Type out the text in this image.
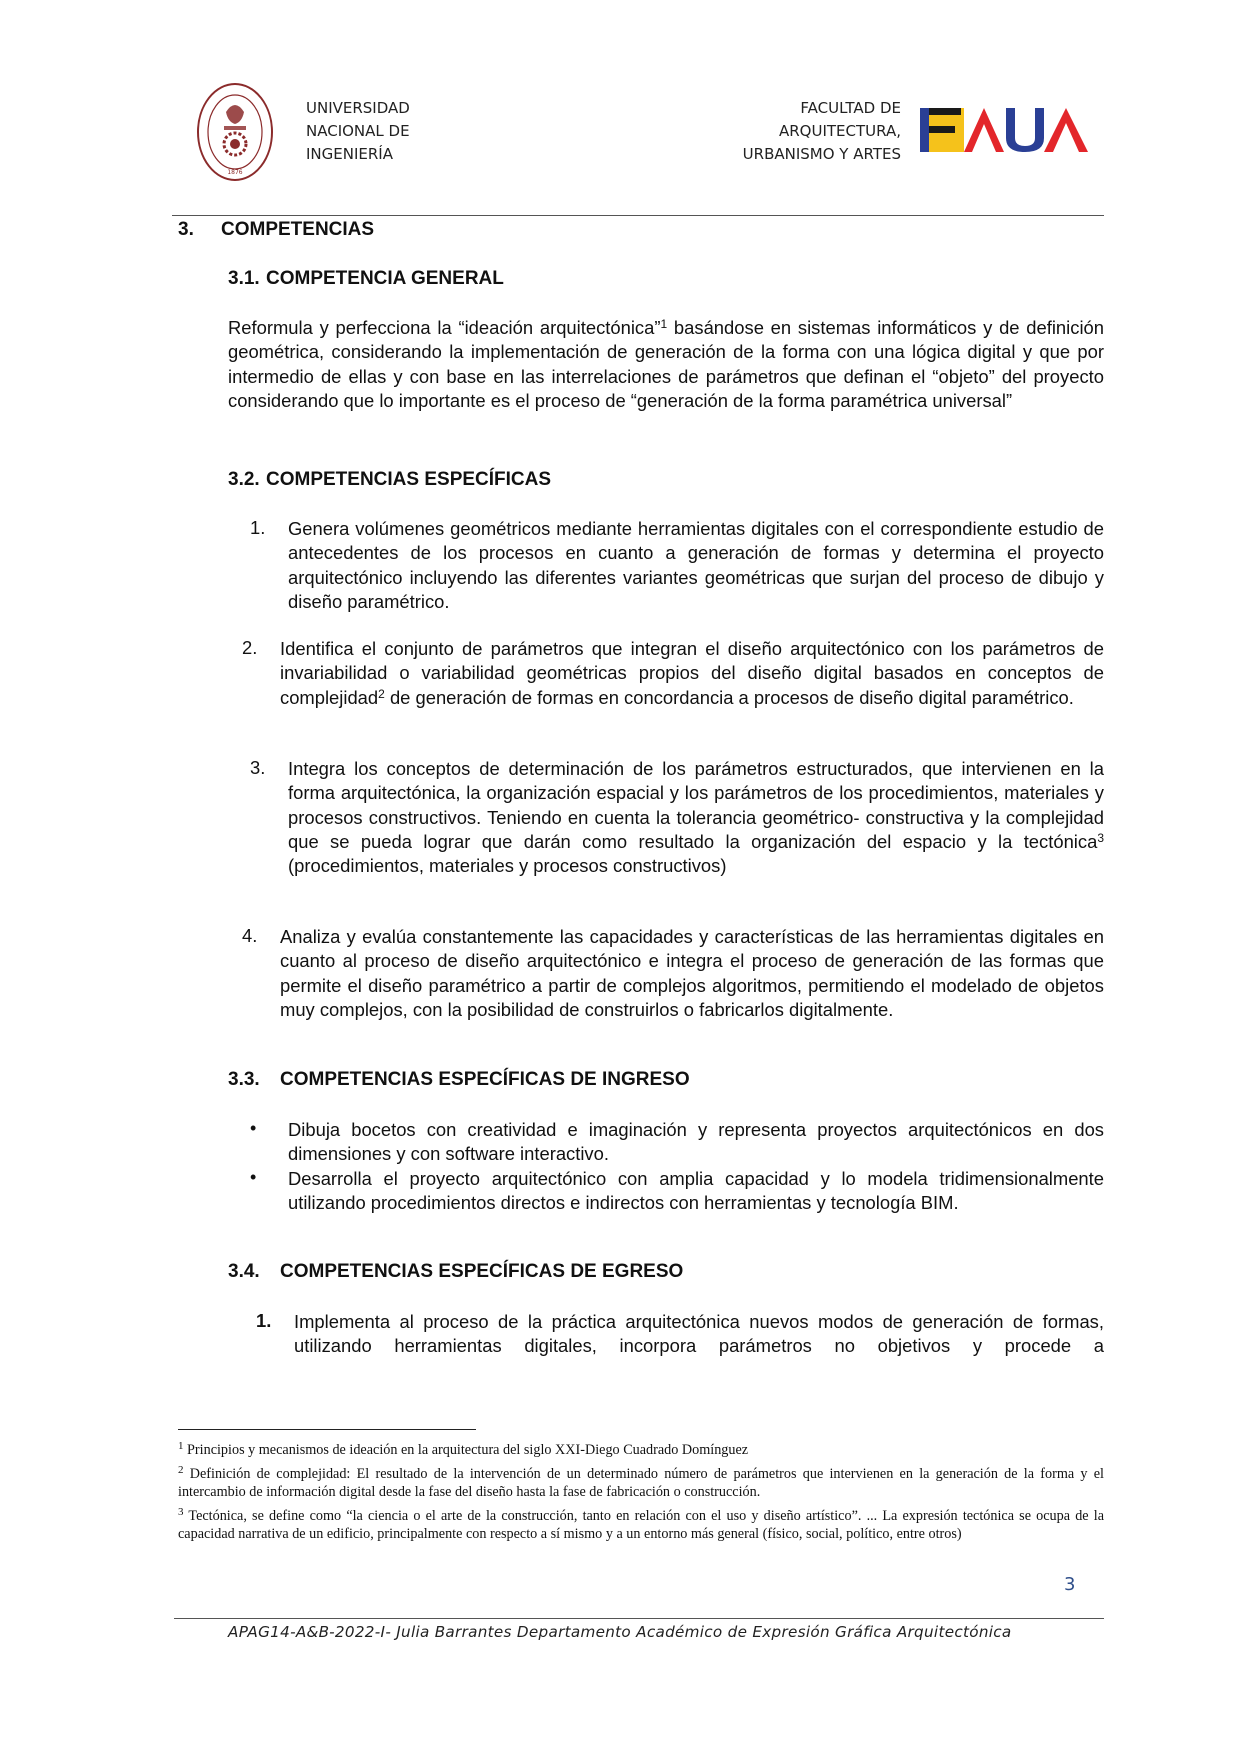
1876
UNIVERSIDAD
NACIONAL DE
INGENIERÍA
FACULTAD DE
ARQUITECTURA,
URBANISMO Y ARTES
3. COMPETENCIAS
3.1. COMPETENCIA GENERAL
Reformula y perfecciona la “ideación arquitectónica”$^1$ basándose en sistemas informáticos y de definición geométrica, considerando la implementación de generación de la forma con una lógica digital y que por intermedio de ellas y con base en las interrelaciones de parámetros que definan el “objeto” del proyecto considerando que lo importante es el proceso de “generación de la forma paramétrica universal”
3.2. COMPETENCIAS ESPECÍFICAS
1. Genera volúmenes geométricos mediante herramientas digitales con el correspondiente estudio de antecedentes de los procesos en cuanto a generación de formas y determina el proyecto arquitectónico incluyendo las diferentes variantes geométricas que surjan del proceso de dibujo y diseño paramétrico.
2. Identifica el conjunto de parámetros que integran el diseño arquitectónico con los parámetros de invariabilidad o variabilidad geométricas propios del diseño digital basados en conceptos de complejidad$^2$ de generación de formas en concordancia a procesos de diseño digital paramétrico.
3. Integra los conceptos de determinación de los parámetros estructurados, que intervienen en la forma arquitectónica, la organización espacial y los parámetros de los procedimientos, materiales y procesos constructivos. Teniendo en cuenta la tolerancia geométrico- constructiva y la complejidad que se pueda lograr que darán como resultado la organización del espacio y la tectónica$^3$ (procedimientos, materiales y procesos constructivos)
4. Analiza y evalúa constantemente las capacidades y características de las herramientas digitales en cuanto al proceso de diseño arquitectónico e integra el proceso de generación de las formas que permite el diseño paramétrico a partir de complejos algoritmos, permitiendo el modelado de objetos muy complejos, con la posibilidad de construirlos o fabricarlos digitalmente.
3.3. COMPETENCIAS ESPECÍFICAS DE INGRESO
• Dibuja bocetos con creatividad e imaginación y representa proyectos arquitectónicos en dos dimensiones y con software interactivo.
• Desarrolla el proyecto arquitectónico con amplia capacidad y lo modela tridimensionalmente utilizando procedimientos directos e indirectos con herramientas y tecnología BIM.
3.4. COMPETENCIAS ESPECÍFICAS DE EGRESO
1. Implementa al proceso de la práctica arquitectónica nuevos modos de generación de formas, utilizando herramientas digitales, incorpora parámetros no objetivos y procede a
$^1$ Principios y mecanismos de ideación en la arquitectura del siglo XXI-Diego Cuadrado Domínguez
$^2$ Definición de complejidad: El resultado de la intervención de un determinado número de parámetros que intervienen en la generación de la forma y el intercambio de información digital desde la fase del diseño hasta la fase de fabricación o construcción.
$^3$ Tectónica, se define como “la ciencia o el arte de la construcción, tanto en relación con el uso y diseño artístico”. ... La expresión tectónica se ocupa de la capacidad narrativa de un edificio, principalmente con respecto a sí mismo y a un entorno más general (físico, social, político, entre otros)
3
APAG14-A&B-2022-I- Julia Barrantes Departamento Académico de Expresión Gráfica Arquitectónica
